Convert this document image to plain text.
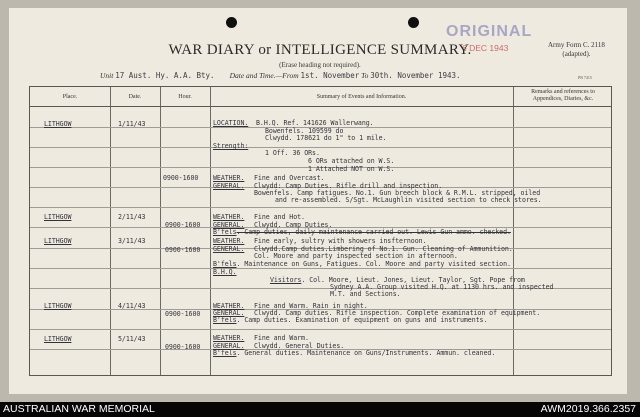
ORIGINAL
6 DEC 1943
WAR DIARY or INTELLIGENCE SUMMARY.
(Erase heading not required).
Army Form C. 2118
(adapted).
Unit 17 Aust. Hy. A.A. Bty. Date and Time.—From 1st. November To 30th. November 1943.	PB 7415
Place.	Date.	Hour.	Summary of Events and Information.
Remarks and references to
Appendices, Diaries, &c.
LITHGOW	1/11/43	LOCATION. B.H.Q. Ref. 141626 Wallerwang.
Bowenfels. 109599 do
Clwydd. 178621 do 1" to 1 mile.
Strength:
1 Off. 36 ORs.
6 ORs attached on W.S.
1 Attached NOT on W.S.
0900-1600 WEATHER. Fine and Overcast.
GENERAL. Clwydd: Camp Duties. Rifle drill and inspection.
Bowenfels. Camp fatigues. No.1. Gun breech block & R.M.L. stripped, oiled
and re-assembled. S/Sgt. McLaughlin visited section to check stores.
LITHGOW	2/11/43	WEATHER. Fine and Hot.
0900-1600 GENERAL. Clwydd. Camp Duties.
B'fels. Camp duties, daily maintenance carried out. Lewis Gun ammo. checked.
LITHGOW	3/11/43	WEATHER. Fine early, sultry with showers insfternoon.
0900-1600 GENERAL. Clwydd.Camp duties.Limbering of No.1. Gun. Cleaning of Ammunition.
Col. Moore and party inspected section in afternoon.
B'fels. Maintenance on Guns, Fatigues. Col. Moore and party visited section.
B.H.Q.
Visitors. Col. Moore, Lieut. Jones, Lieut. Taylor, Sgt. Pope from
Sydney A.A. Group visited H.Q. at 1130 hrs. and inspected
M.T. and Sections.
LITHGOW	4/11/43	WEATHER. Fine and Warm. Rain in night.
0900-1600 GENERAL. Clwydd. Camp duties. Rifle inspection. Complete examination of equipment.
B'fels. Camp duties. Examination of equipment on guns and instruments.
LITHGOW	5/11/43	WEATHER. Fine and Warm.
0900-1600 GENERAL. Clwydd. General Duties.
B'fels. General duties. Maintenance on Guns/Instruments. Ammun. cleaned.
AUSTRALIAN WAR MEMORIAL	AWM2019.366.2357
